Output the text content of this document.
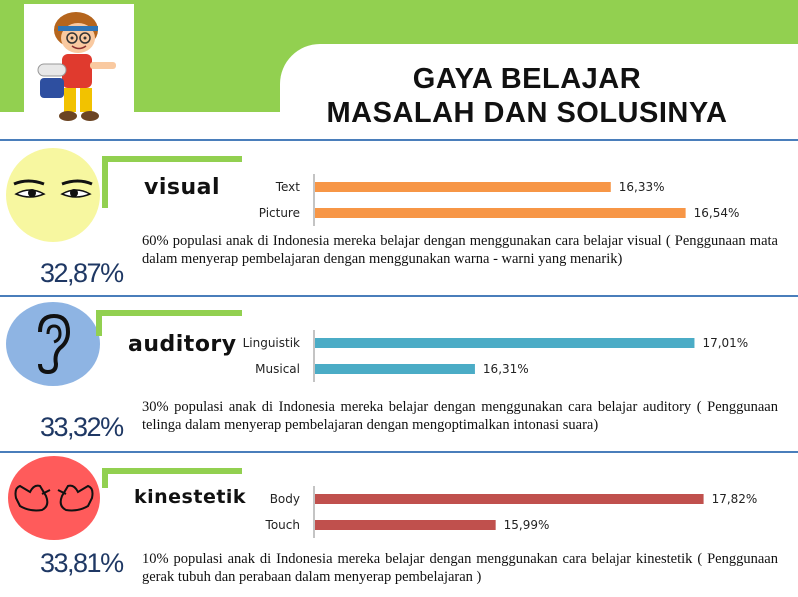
GAYA BELAJAR
MASALAH DAN SOLUSINYA
visual	Text	16,33%
Picture	16,54%
32,87%
60% populasi anak di Indonesia mereka belajar dengan menggunakan cara belajar visual ( Penggunaan mata dalam menyerap pembelajaran dengan menggunakan warna - warni yang menarik)
auditory Linguistik	17,01%
Musical	16,31%
33,32%
30% populasi anak di Indonesia mereka belajar dengan menggunakan cara belajar auditory ( Penggunaan telinga dalam menyerap pembelajaran dengan mengoptimalkan intonasi suara)
kinestetik Body	17,82%
Touch	15,99%
33,81% 10% populasi anak di Indonesia mereka belajar dengan menggunakan cara belajar kinestetik ( Penggunaan gerak tubuh dan perabaan dalam menyerap pembelajaran )
